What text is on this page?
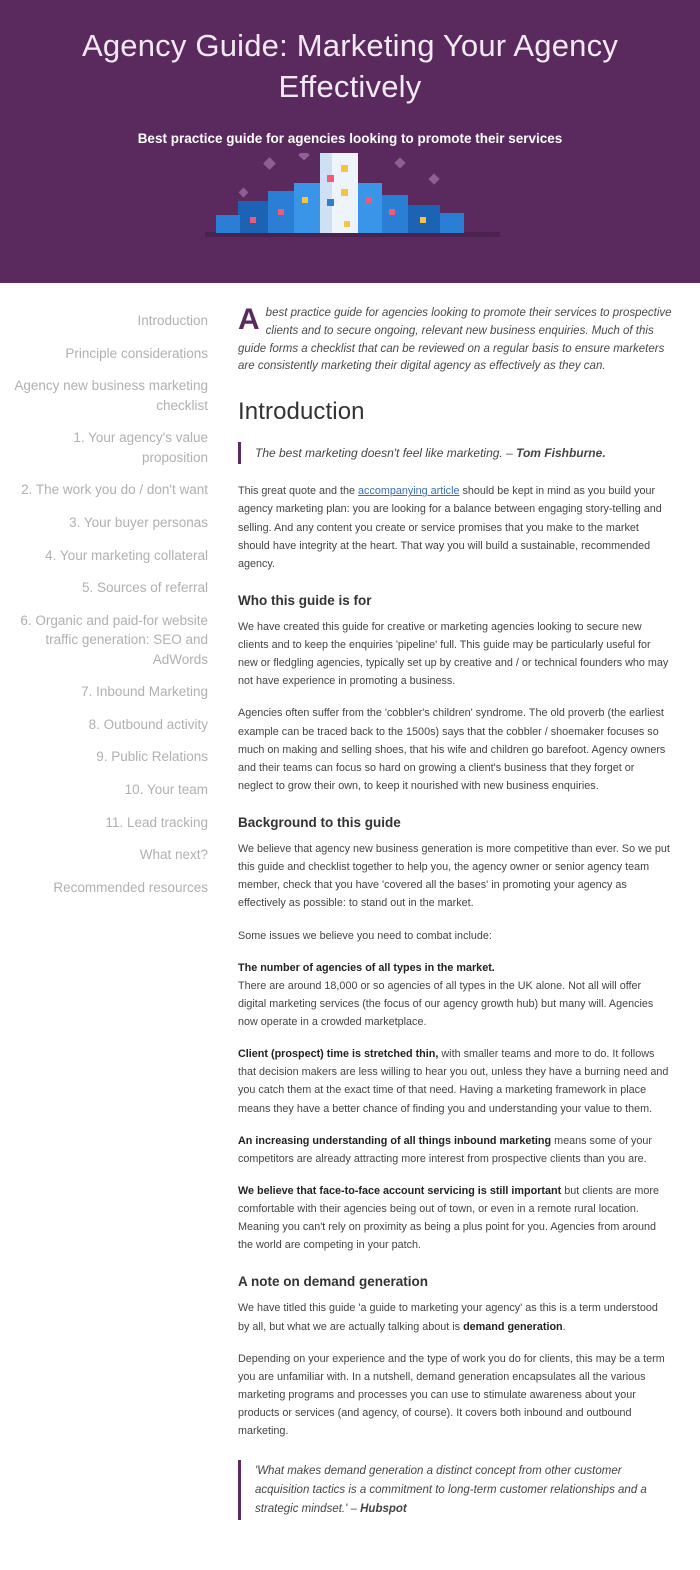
Agency Guide: Marketing Your Agency Effectively

Best practice guide for agencies looking to promote their services

Introduction
Principle considerations
Agency new business marketing checklist
1. Your agency's value proposition
2. The work you do / don't want
3. Your buyer personas
4. Your marketing collateral
5. Sources of referral
6. Organic and paid-for website traffic generation: SEO and AdWords
7. Inbound Marketing
8. Outbound activity
9. Public Relations
10. Your team
11. Lead tracking
What next?
Recommended resources

A best practice guide for agencies looking to promote their services to prospective clients and to secure ongoing, relevant new business enquiries. Much of this guide forms a checklist that can be reviewed on a regular basis to ensure marketers are consistently marketing their digital agency as effectively as they can.

Introduction
The best marketing doesn't feel like marketing. – Tom Fishburne.

This great quote and the accompanying article should be kept in mind as you build your agency marketing plan: you are looking for a balance between engaging story-telling and selling. And any content you create or service promises that you make to the market should have integrity at the heart. That way you will build a sustainable, recommended agency.

Who this guide is for

We have created this guide for creative or marketing agencies looking to secure new clients and to keep the enquiries 'pipeline' full. This guide may be particularly useful for new or fledgling agencies, typically set up by creative and / or technical founders who may not have experience in promoting a business.

Agencies often suffer from the 'cobbler's children' syndrome. The old proverb (the earliest example can be traced back to the 1500s) says that the cobbler / shoemaker focuses so much on making and selling shoes, that his wife and children go barefoot. Agency owners and their teams can focus so hard on growing a client's business that they forget or neglect to grow their own, to keep it nourished with new business enquiries.

Background to this guide

We believe that agency new business generation is more competitive than ever. So we put this guide and checklist together to help you, the agency owner or senior agency team member, check that you have 'covered all the bases' in promoting your agency as effectively as possible: to stand out in the market.

Some issues we believe you need to combat include:

The number of agencies of all types in the market.
There are around 18,000 or so agencies of all types in the UK alone. Not all will offer digital marketing services (the focus of our agency growth hub) but many will. Agencies now operate in a crowded marketplace.

Client (prospect) time is stretched thin, with smaller teams and more to do. It follows that decision makers are less willing to hear you out, unless they have a burning need and you catch them at the exact time of that need. Having a marketing framework in place means they have a better chance of finding you and understanding your value to them.

An increasing understanding of all things inbound marketing means some of your competitors are already attracting more interest from prospective clients than you are.

We believe that face-to-face account servicing is still important but clients are more comfortable with their agencies being out of town, or even in a remote rural location. Meaning you can't rely on proximity as being a plus point for you. Agencies from around the world are competing in your patch.

A note on demand generation

We have titled this guide 'a guide to marketing your agency' as this is a term understood by all, but what we are actually talking about is demand generation.

Depending on your experience and the type of work you do for clients, this may be a term you are unfamiliar with. In a nutshell, demand generation encapsulates all the various marketing programs and processes you can use to stimulate awareness about your products or services (and agency, of course). It covers both inbound and outbound marketing.

'What makes demand generation a distinct concept from other customer acquisition tactics is a commitment to long-term customer relationships and a strategic mindset.' – Hubspot
